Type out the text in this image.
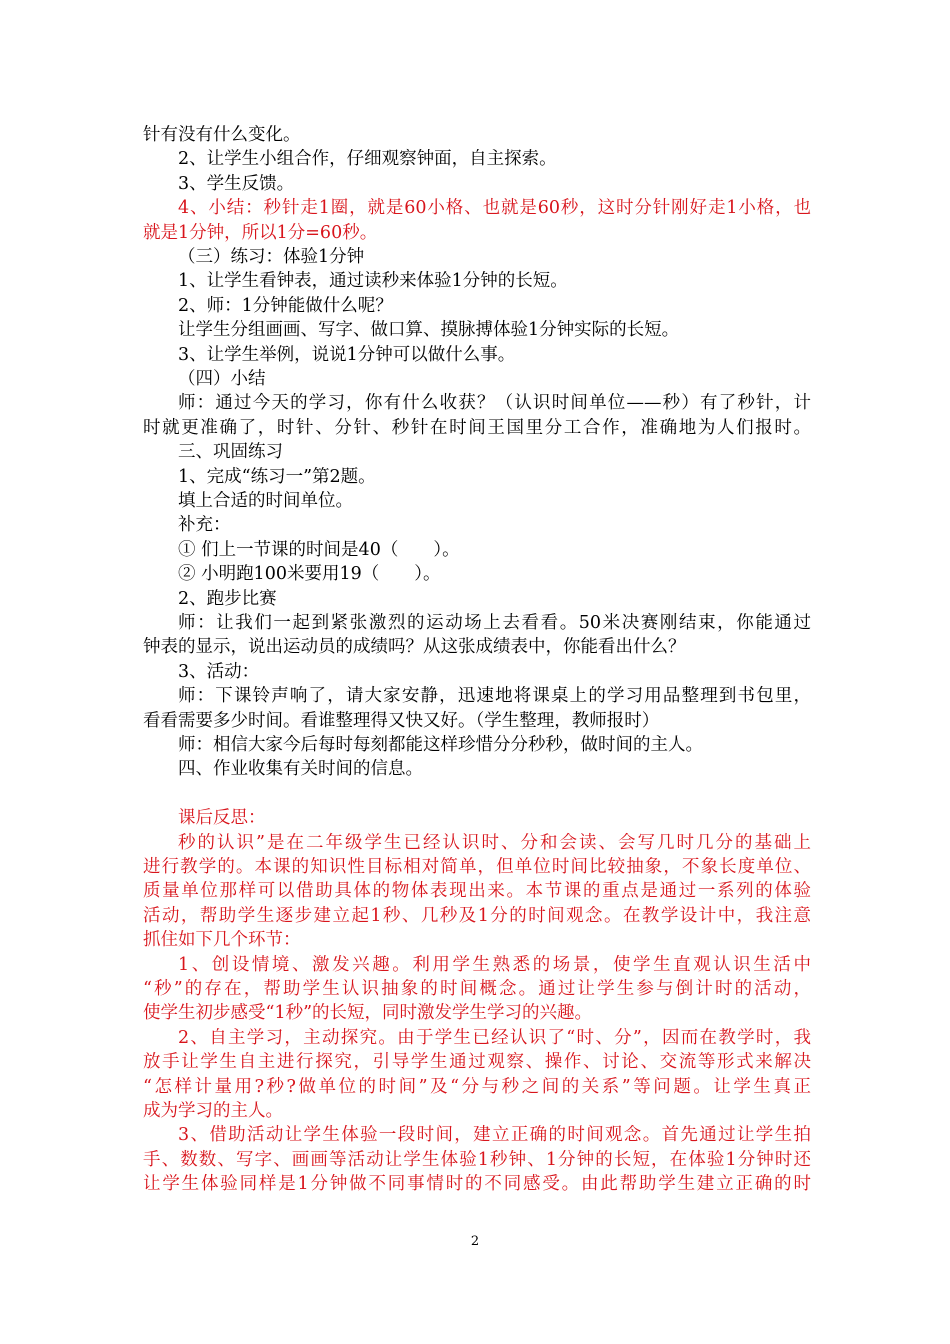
针有没有什么变化。
2、让学生小组合作，仔细观察钟面，自主探索。
3、学生反馈。
4、小结：秒针走1圈，就是60小格、也就是60秒，这时分针刚好走1小格，也
就是1分钟，所以1分=60秒。
（三）练习：体验1分钟
1、让学生看钟表，通过读秒来体验1分钟的长短。
2、师：1分钟能做什么呢？
让学生分组画画、写字、做口算、摸脉搏体验1分钟实际的长短。
3、让学生举例，说说1分钟可以做什么事。
（四）小结
师：通过今天的学习，你有什么收获？（认识时间单位——秒）有了秒针，计
时就更准确了，时针、分针、秒针在时间王国里分工合作，准确地为人们报时。
三、巩固练习
1、完成“练习一”第2题。
填上合适的时间单位。
补充：
① 们上一节课的时间是40（　　）。
② 小明跑100米要用19（　　）。
2、跑步比赛
师：让我们一起到紧张激烈的运动场上去看看。50米决赛刚结束，你能通过
钟表的显示，说出运动员的成绩吗？从这张成绩表中，你能看出什么？
3、活动：
师：下课铃声响了，请大家安静，迅速地将课桌上的学习用品整理到书包里，
看看需要多少时间。看谁整理得又快又好。（学生整理，教师报时）
师：相信大家今后每时每刻都能这样珍惜分分秒秒，做时间的主人。
四、作业收集有关时间的信息。
课后反思：
秒的认识”是在二年级学生已经认识时、分和会读、会写几时几分的基础上
进行教学的。本课的知识性目标相对简单，但单位时间比较抽象，不象长度单位、
质量单位那样可以借助具体的物体表现出来。本节课的重点是通过一系列的体验
活动，帮助学生逐步建立起1秒、几秒及1分的时间观念。在教学设计中，我注意
抓住如下几个环节：
1、创设情境、激发兴趣。利用学生熟悉的场景，使学生直观认识生活中
“秒”的存在，帮助学生认识抽象的时间概念。通过让学生参与倒计时的活动，
使学生初步感受“1秒”的长短，同时激发学生学习的兴趣。
2、自主学习，主动探究。由于学生已经认识了“时、分”，因而在教学时，我
放手让学生自主进行探究，引导学生通过观察、操作、讨论、交流等形式来解决
“怎样计量用?秒?做单位的时间”及“分与秒之间的关系”等问题。让学生真正
成为学习的主人。
3、借助活动让学生体验一段时间，建立正确的时间观念。首先通过让学生拍
手、数数、写字、画画等活动让学生体验1秒钟、1分钟的长短，在体验1分钟时还
让学生体验同样是1分钟做不同事情时的不同感受。由此帮助学生建立正确的时
2
